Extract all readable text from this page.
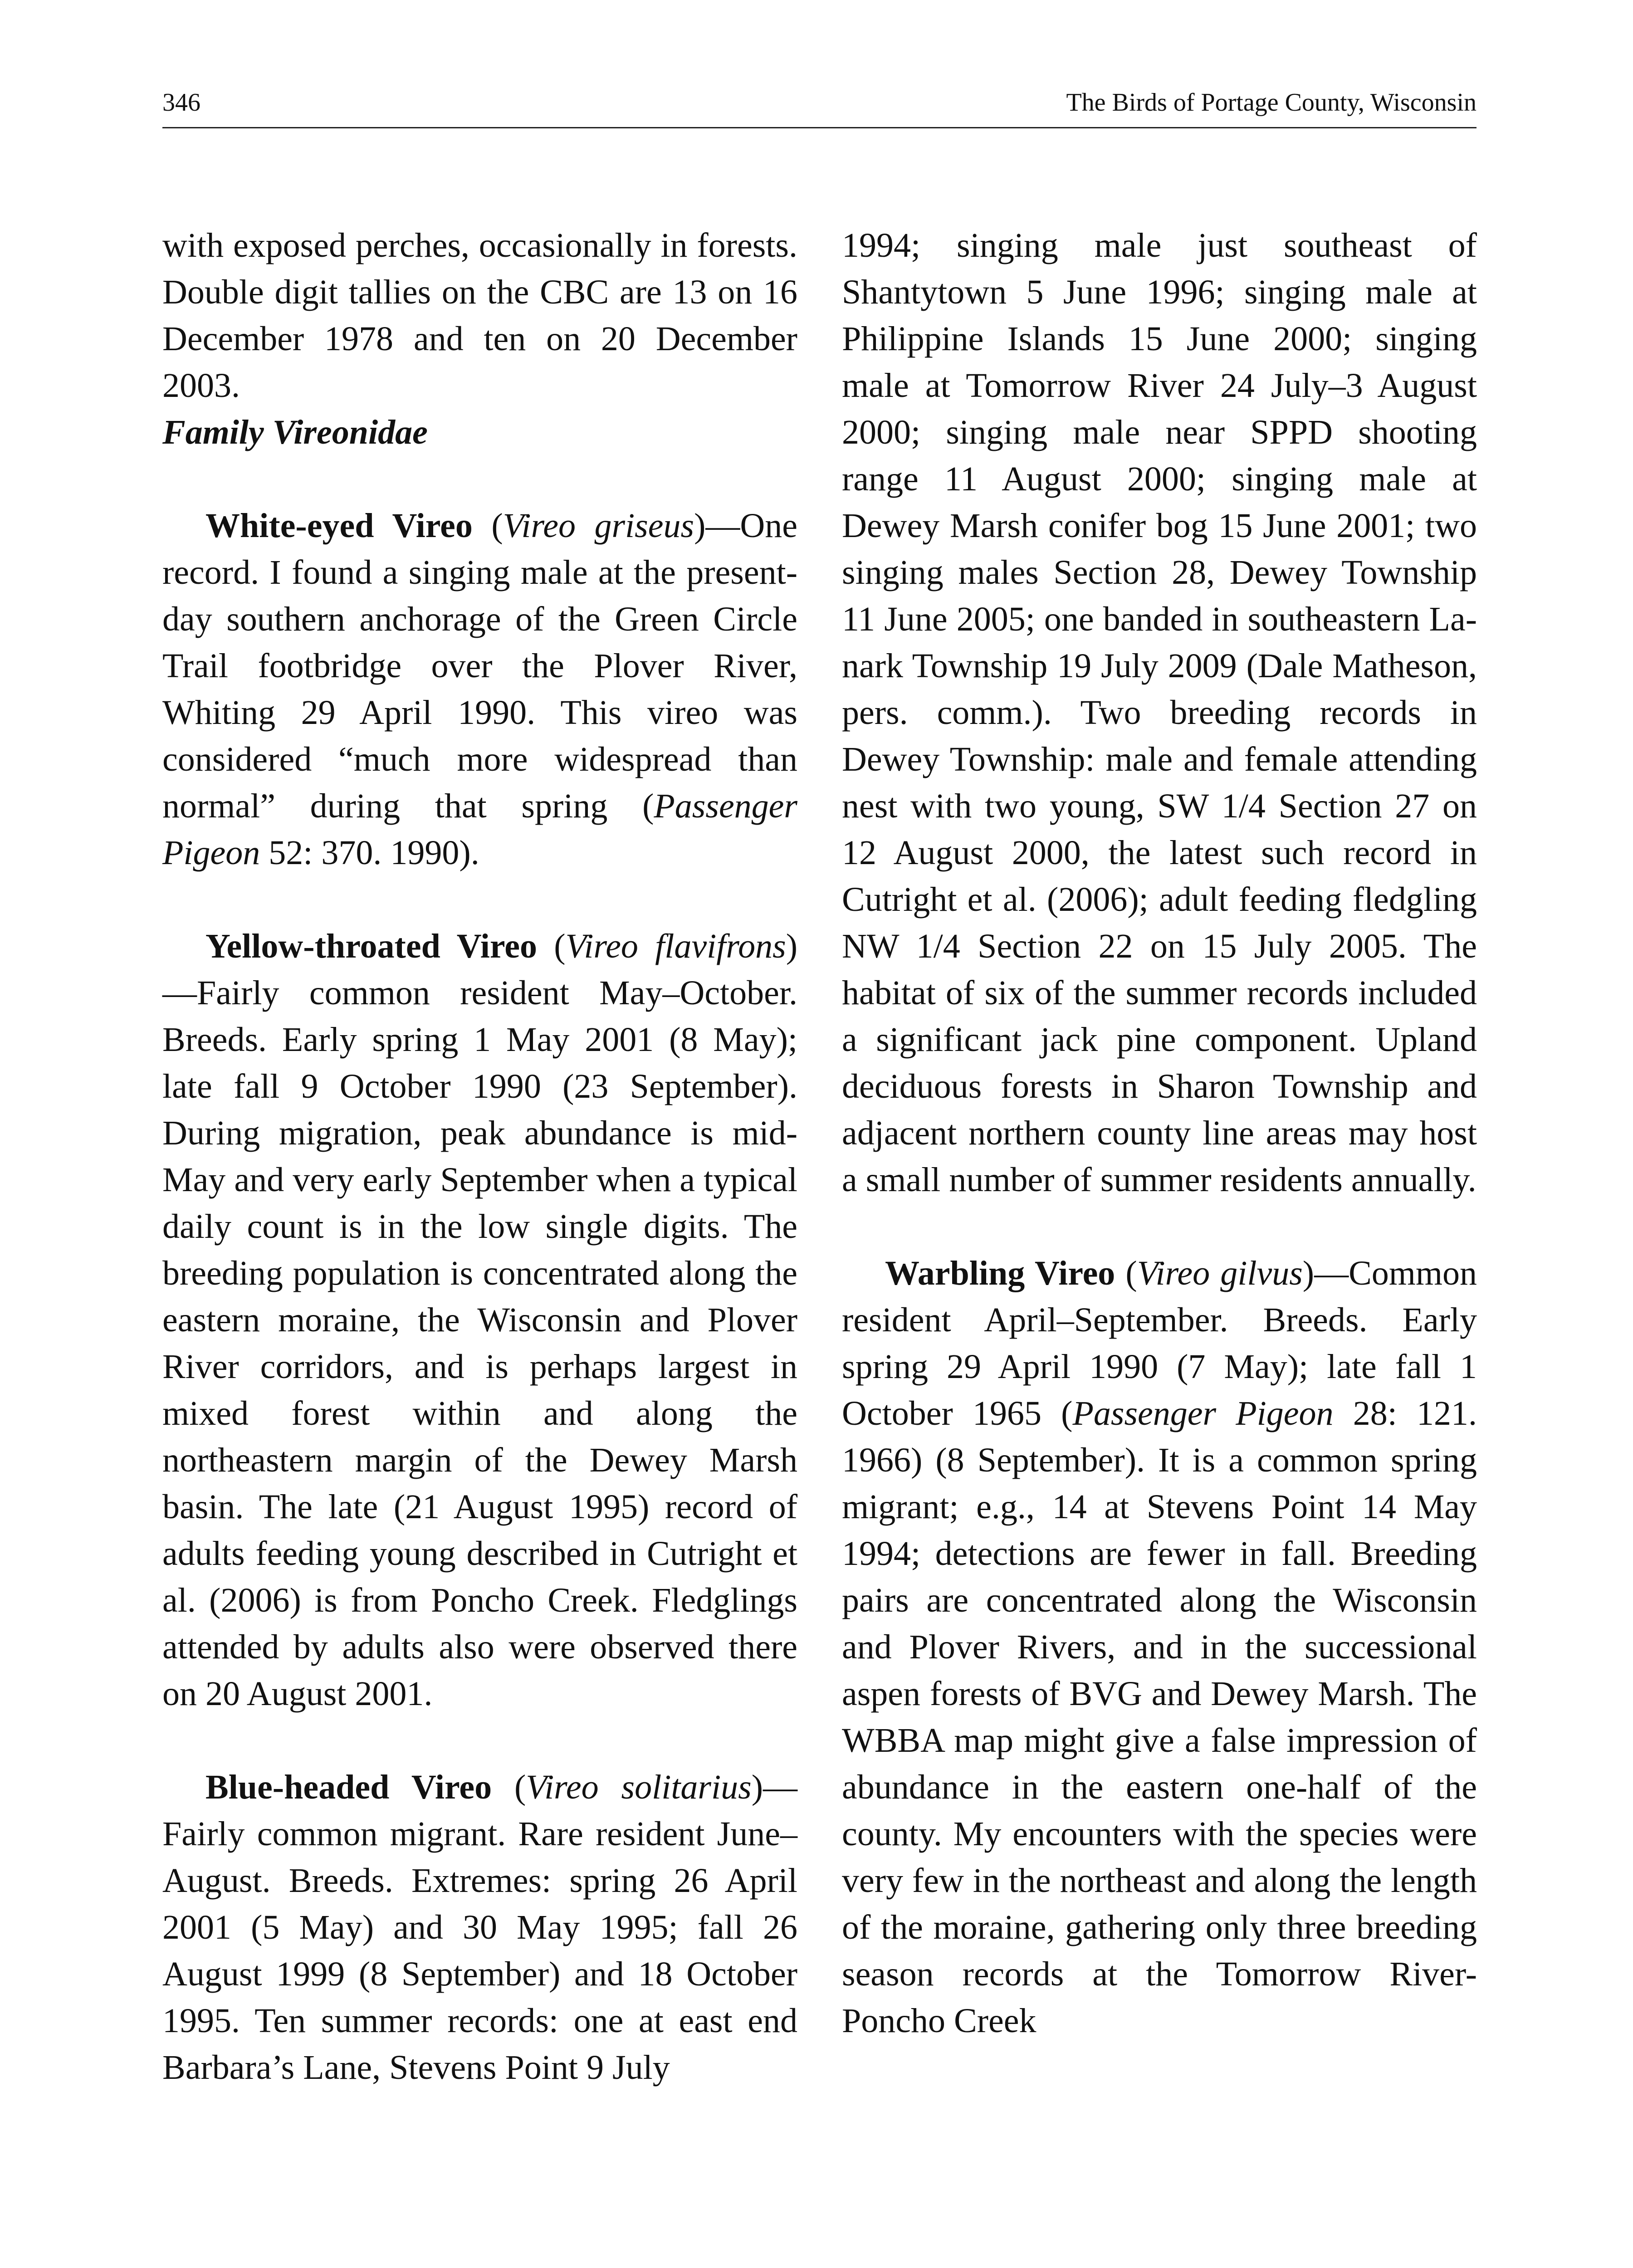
346	The Birds of Portage County, Wisconsin

with exposed perches, occasionally in forests. Double digit tallies on the CBC are 13 on 16 December 1978 and ten on 20 December 2003.

Family Vireonidae

White-eyed Vireo (Vireo griseus)—One record. I found a singing male at the present-day southern anchorage of the Green Circle Trail footbridge over the Plover River, Whiting 29 April 1990. This vireo was considered “much more widespread than normal” during that spring (Passenger Pigeon 52: 370. 1990).

Yellow-throated Vireo (Vireo flavifrons)—Fairly common resident May–October. Breeds. Early spring 1 May 2001 (8 May); late fall 9 October 1990 (23 September). During migration, peak abundance is mid-May and very early September when a typical daily count is in the low single digits. The breeding population is concentrated along the eastern moraine, the Wisconsin and Plover River corridors, and is perhaps largest in mixed forest within and along the northeastern margin of the Dewey Marsh basin. The late (21 August 1995) record of adults feeding young described in Cutright et al. (2006) is from Poncho Creek. Fledglings attended by adults also were observed there on 20 August 2001.

Blue-headed Vireo (Vireo solitarius)—Fairly common migrant. Rare resident June–August. Breeds. Extremes: spring 26 April 2001 (5 May) and 30 May 1995; fall 26 August 1999 (8 September) and 18 October 1995. Ten summer records: one at east end Barbara’s Lane, Stevens Point 9 July

1994; singing male just southeast of Shantytown 5 June 1996; singing male at Philippine Islands 15 June 2000; singing male at Tomorrow River 24 July–3 August 2000; singing male near SPPD shooting range 11 August 2000; singing male at Dewey Marsh conifer bog 15 June 2001; two singing males Section 28, Dewey Township 11 June 2005; one banded in southeastern Lanark Township 19 July 2009 (Dale Matheson, pers. comm.). Two breeding records in Dewey Township: male and female attending nest with two young, SW 1/4 Section 27 on 12 August 2000, the latest such record in Cutright et al. (2006); adult feeding fledgling NW 1/4 Section 22 on 15 July 2005. The habitat of six of the summer records included a significant jack pine component. Upland deciduous forests in Sharon Township and adjacent northern county line areas may host a small number of summer residents annually.

Warbling Vireo (Vireo gilvus)—Common resident April–September. Breeds. Early spring 29 April 1990 (7 May); late fall 1 October 1965 (Passenger Pigeon 28: 121. 1966) (8 September). It is a common spring migrant; e.g., 14 at Stevens Point 14 May 1994; detections are fewer in fall. Breeding pairs are concentrated along the Wisconsin and Plover Rivers, and in the successional aspen forests of BVG and Dewey Marsh. The WBBA map might give a false impression of abundance in the eastern one-half of the county. My encounters with the species were very few in the northeast and along the length of the moraine, gathering only three breeding season records at the Tomorrow River-Poncho Creek
